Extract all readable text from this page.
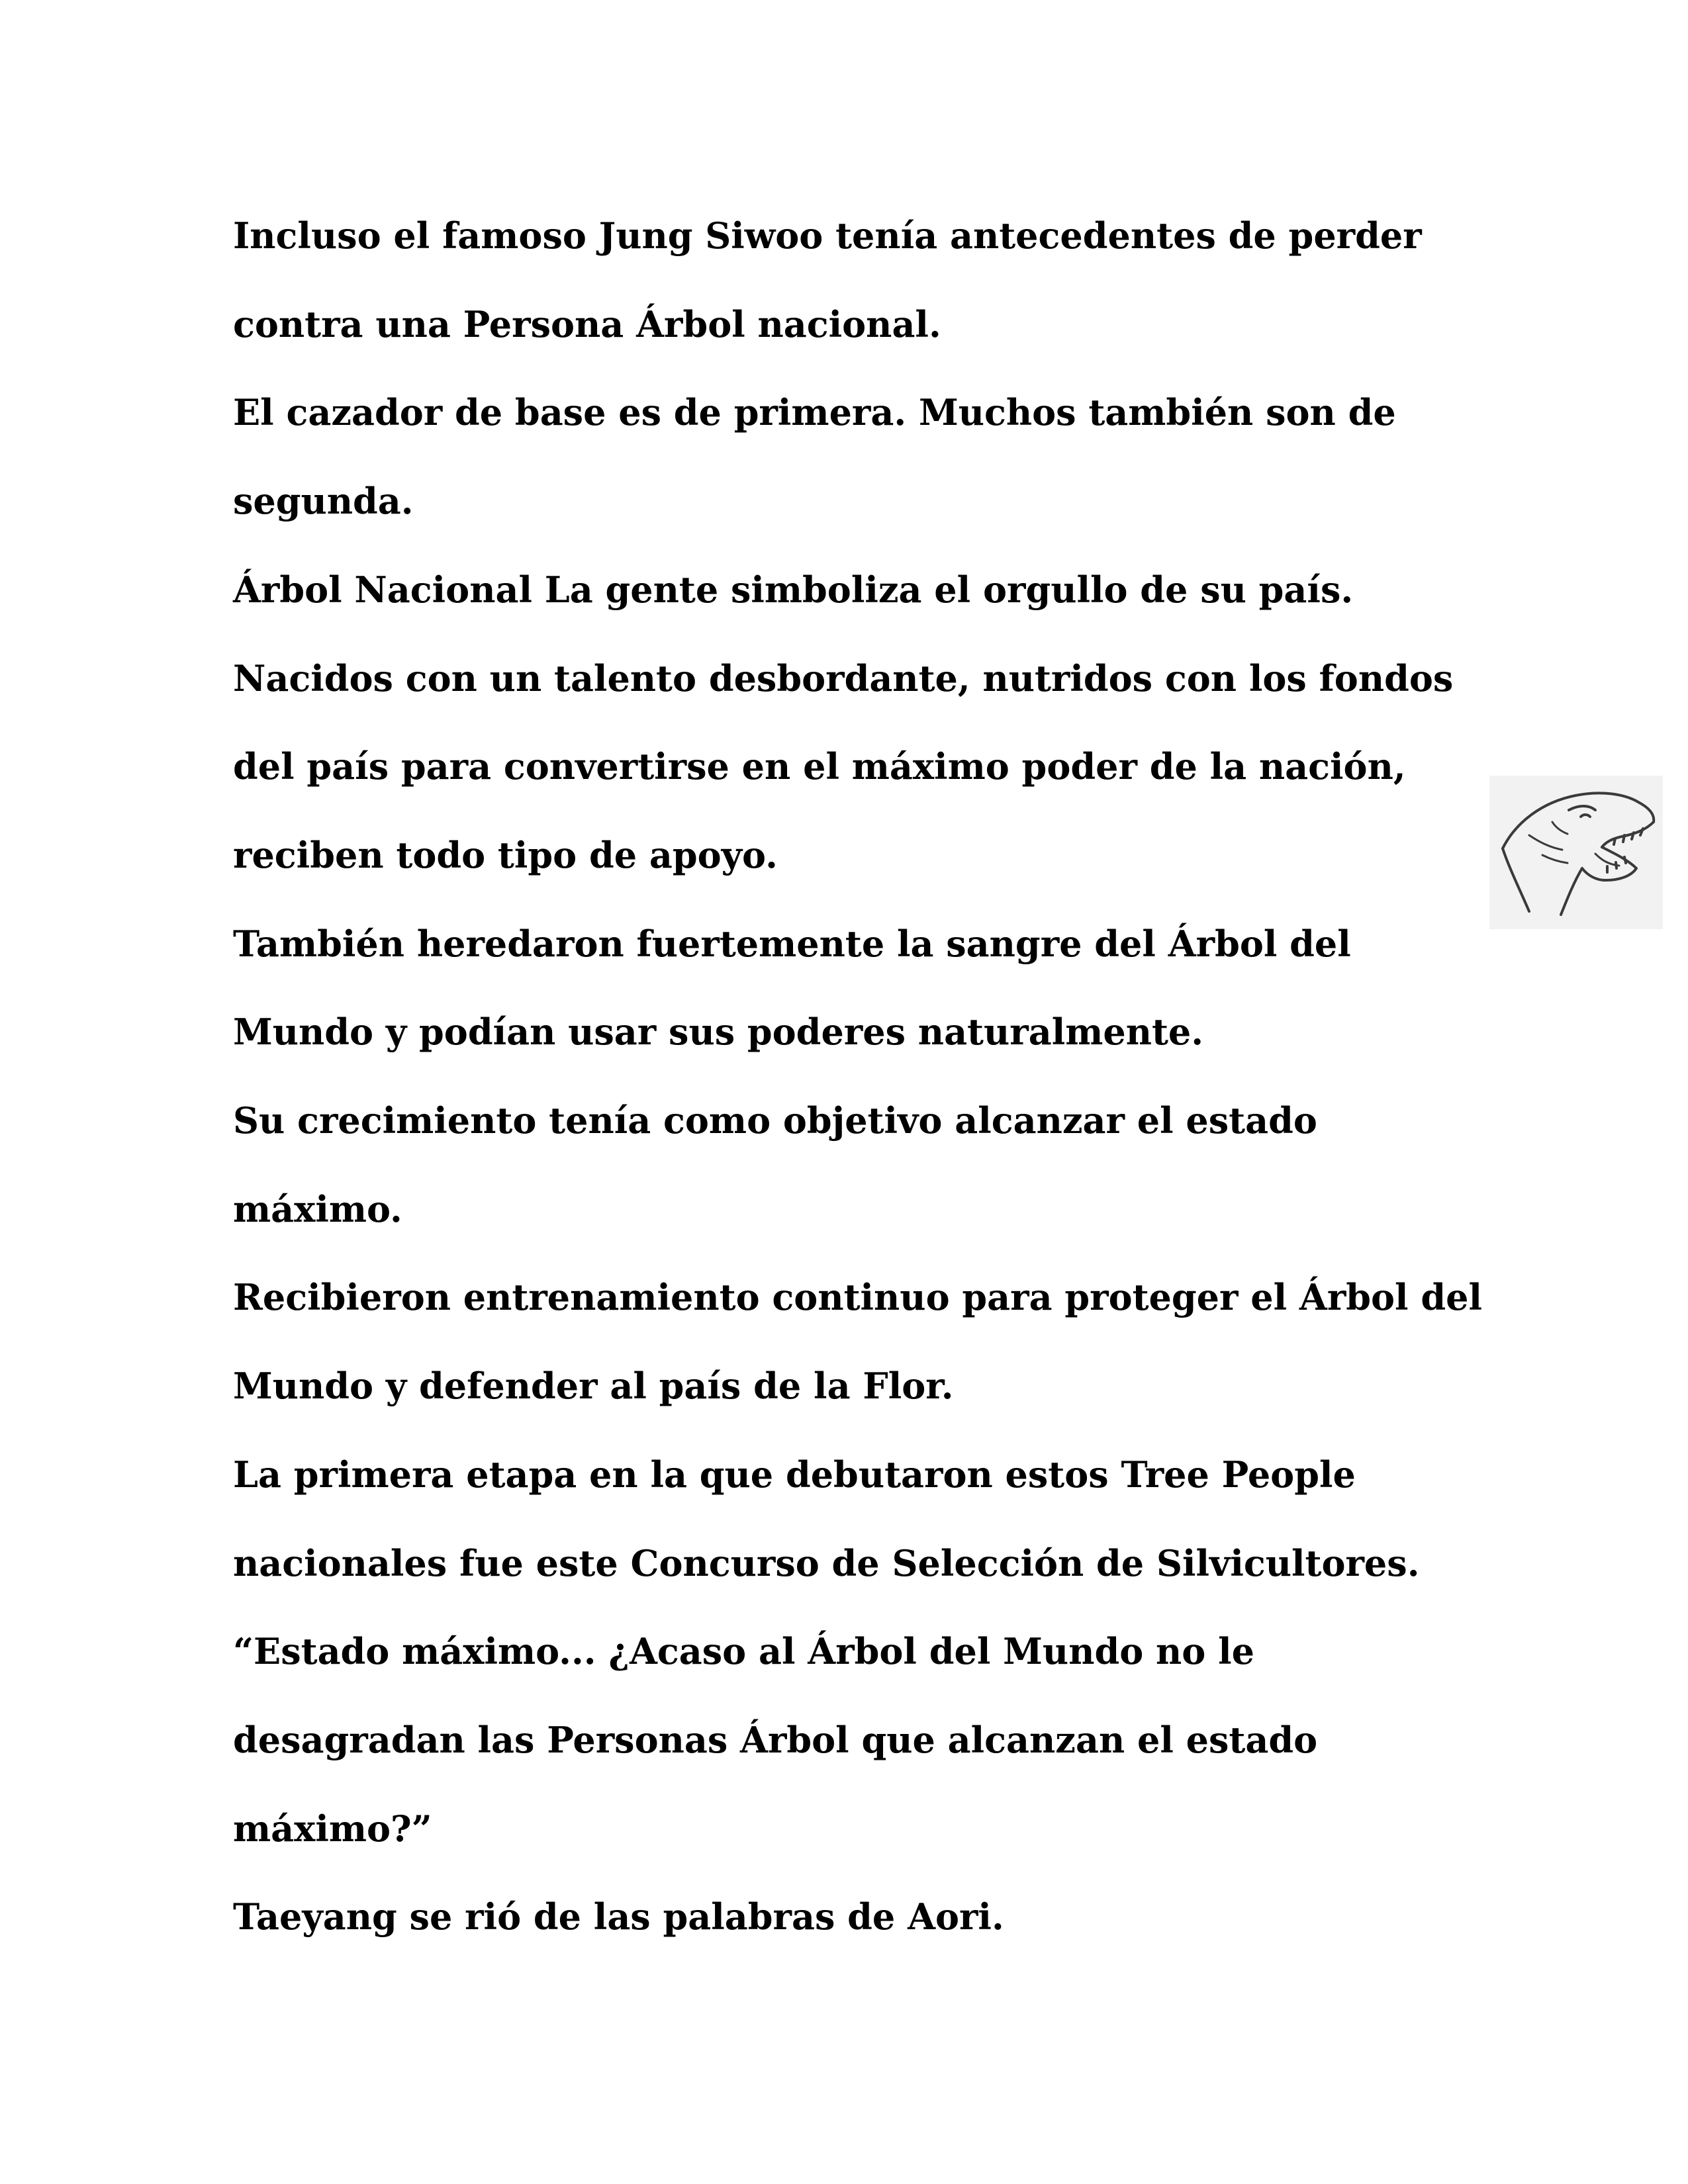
Incluso el famoso Jung Siwoo tenía antecedentes de perder
contra una Persona Árbol nacional.
El cazador de base es de primera. Muchos también son de
segunda.
Árbol Nacional La gente simboliza el orgullo de su país.
Nacidos con un talento desbordante, nutridos con los fondos
del país para convertirse en el máximo poder de la nación,
reciben todo tipo de apoyo.
También heredaron fuertemente la sangre del Árbol del
Mundo y podían usar sus poderes naturalmente.
Su crecimiento tenía como objetivo alcanzar el estado
máximo.
Recibieron entrenamiento continuo para proteger el Árbol del
Mundo y defender al país de la Flor.
La primera etapa en la que debutaron estos Tree People
nacionales fue este Concurso de Selección de Silvicultores.
“Estado máximo... ¿Acaso al Árbol del Mundo no le
desagradan las Personas Árbol que alcanzan el estado
máximo?”
Taeyang se rió de las palabras de Aori.
